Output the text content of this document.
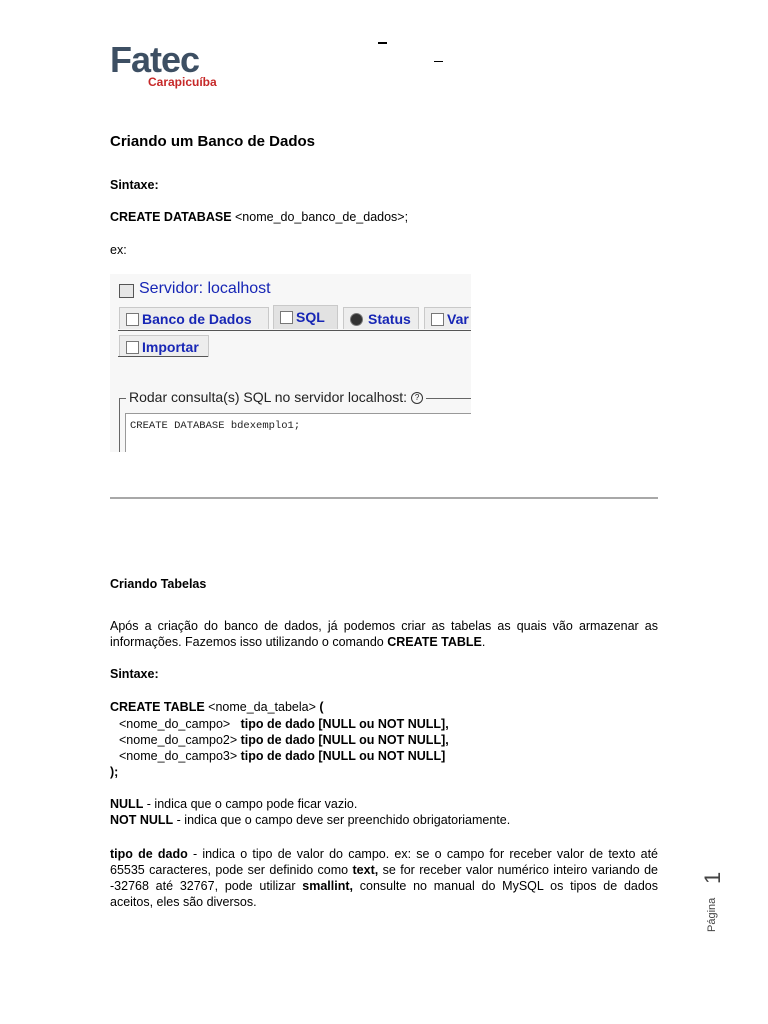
Fatec
Carapicuíba
Criando um Banco de Dados
Sintaxe:
CREATE DATABASE <nome_do_banco_de_dados>;
ex:
Servidor: localhost
Banco de Dados	SQL	Status	Var
Importar
Rodar consulta(s) SQL no servidor localhost: ?
CREATE DATABASE bdexemplo1;
Criando Tabelas
Após a criação do banco de dados, já podemos criar as tabelas as quais vão armazenar as informações. Fazemos isso utilizando o comando CREATE TABLE.
Sintaxe:
CREATE TABLE <nome_da_tabela> (
<nome_do_campo> tipo de dado [NULL ou NOT NULL],
<nome_do_campo2> tipo de dado [NULL ou NOT NULL],
<nome_do_campo3> tipo de dado [NULL ou NOT NULL]
);
NULL - indica que o campo pode ficar vazio.
NOT NULL - indica que o campo deve ser preenchido obrigatoriamente.
tipo de dado - indica o tipo de valor do campo. ex: se o campo for receber valor de texto até 65535 caracteres, pode ser definido como text, se for receber valor numérico inteiro variando de -32768 até 32767, pode utilizar smallint, consulte no manual do MySQL os tipos de dados aceitos, eles são diversos.	Página
1
